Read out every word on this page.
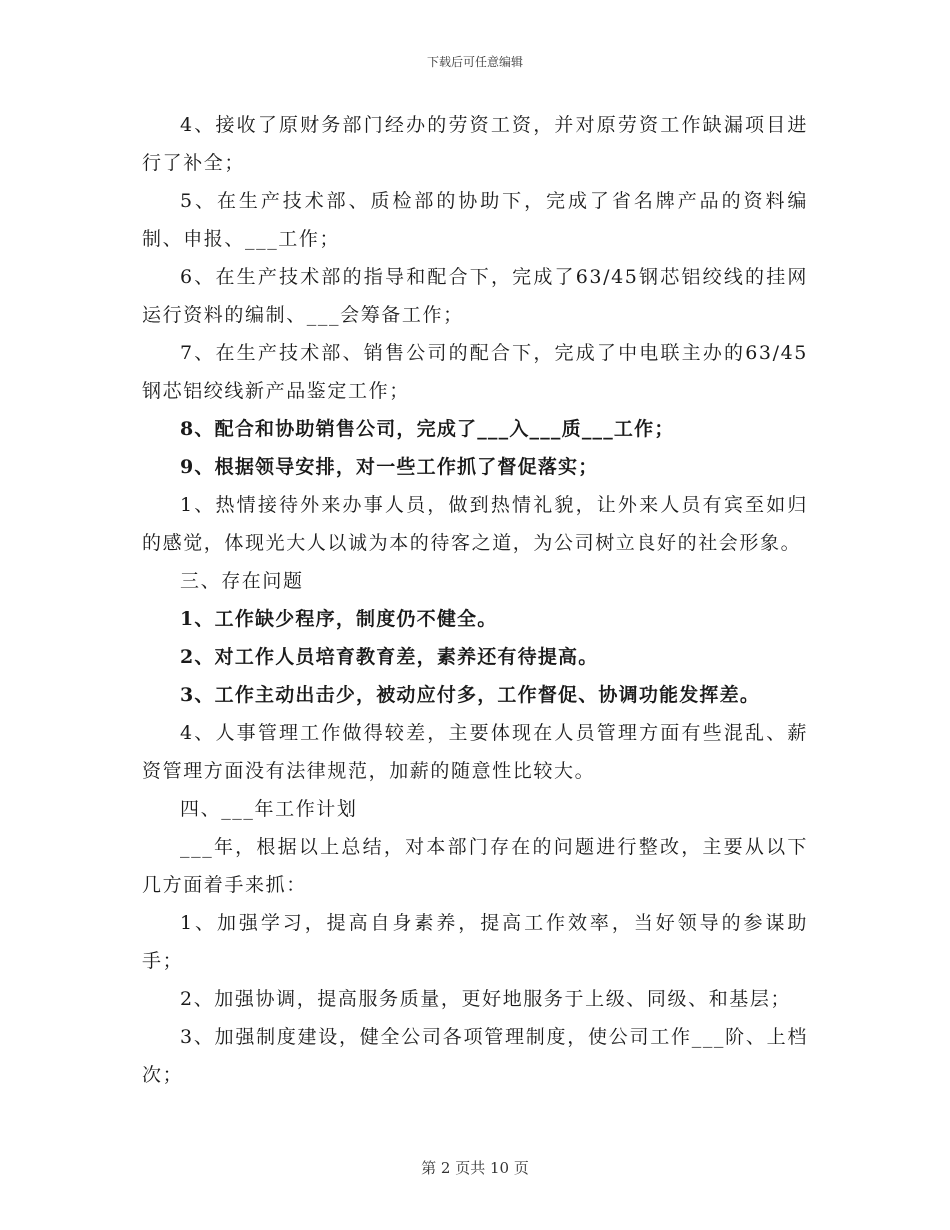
下载后可任意编辑

4、接收了原财务部门经办的劳资工资，并对原劳资工作缺漏项目进行了补全；

5、在生产技术部、质检部的协助下，完成了省名牌产品的资料编制、申报、___工作；

6、在生产技术部的指导和配合下，完成了63/45钢芯铝绞线的挂网运行资料的编制、___会筹备工作；

7、在生产技术部、销售公司的配合下，完成了中电联主办的63/45钢芯铝绞线新产品鉴定工作；

8、配合和协助销售公司，完成了___入___质___工作；

9、根据领导安排，对一些工作抓了督促落实；

1、热情接待外来办事人员，做到热情礼貌，让外来人员有宾至如归的感觉，体现光大人以诚为本的待客之道，为公司树立良好的社会形象。

三、存在问题

1、工作缺少程序，制度仍不健全。

2、对工作人员培育教育差，素养还有待提高。

3、工作主动出击少，被动应付多，工作督促、协调功能发挥差。

4、人事管理工作做得较差，主要体现在人员管理方面有些混乱、薪资管理方面没有法律规范，加薪的随意性比较大。

四、___年工作计划

___年，根据以上总结，对本部门存在的问题进行整改，主要从以下几方面着手来抓：

1、加强学习，提高自身素养，提高工作效率，当好领导的参谋助手；

2、加强协调，提高服务质量，更好地服务于上级、同级、和基层；

3、加强制度建设，健全公司各项管理制度，使公司工作___阶、上档次；

第 2 页共 10 页
